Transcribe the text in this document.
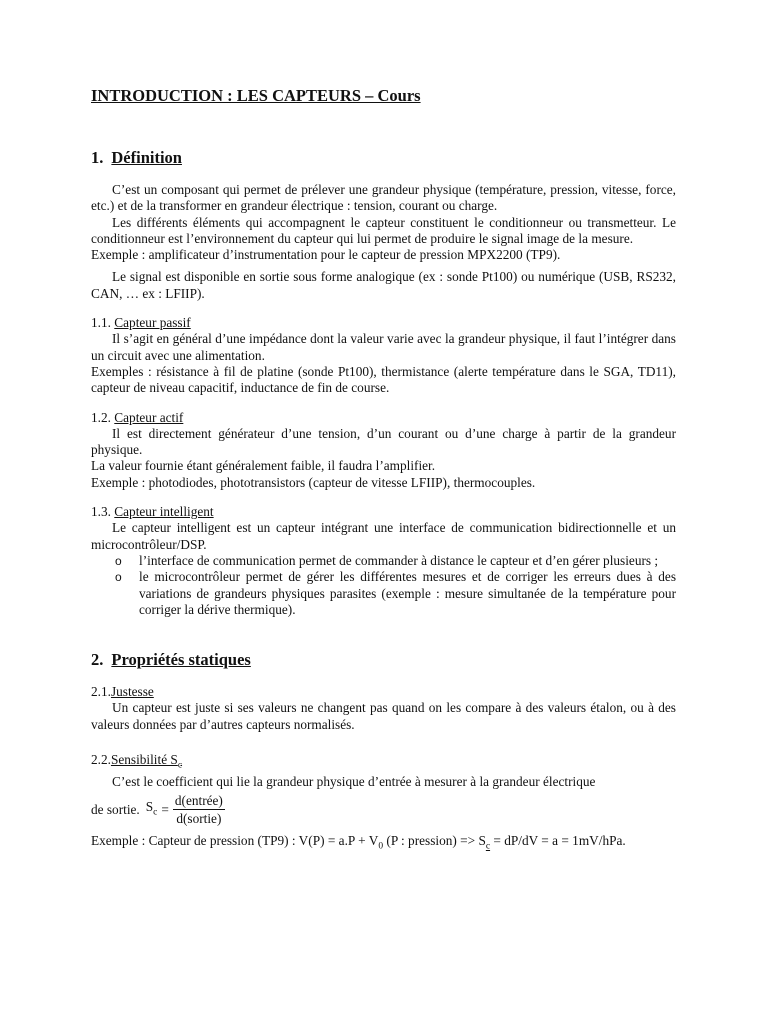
INTRODUCTION : LES CAPTEURS – Cours
1. Définition

C’est un composant qui permet de prélever une grandeur physique (température, pression, vitesse, force, etc.) et de la transformer en grandeur électrique : tension, courant ou charge.

Les différents éléments qui accompagnent le capteur constituent le conditionneur ou transmetteur. Le conditionneur est l’environnement du capteur qui lui permet de produire le signal image de la mesure.

Exemple : amplificateur d’instrumentation pour le capteur de pression MPX2200 (TP9).

Le signal est disponible en sortie sous forme analogique (ex : sonde Pt100) ou numérique (USB, RS232, CAN, … ex : LFIIP).

1.1. Capteur passif

Il s’agit en général d’une impédance dont la valeur varie avec la grandeur physique, il faut l’intégrer dans un circuit avec une alimentation.

Exemples : résistance à fil de platine (sonde Pt100), thermistance (alerte température dans le SGA, TD11), capteur de niveau capacitif, inductance de fin de course.

1.2. Capteur actif

Il est directement générateur d’une tension, d’un courant ou d’une charge à partir de la grandeur physique.

La valeur fournie étant généralement faible, il faudra l’amplifier.

Exemple : photodiodes, phototransistors (capteur de vitesse LFIIP), thermocouples.

1.3. Capteur intelligent

Le capteur intelligent est un capteur intégrant une interface de communication bidirectionnelle et un microcontrôleur/DSP.

o l’interface de communication permet de commander à distance le capteur et d’en gérer plusieurs ;
o le microcontrôleur permet de gérer les différentes mesures et de corriger les erreurs dues à des variations de grandeurs physiques parasites (exemple : mesure simultanée de la température pour corriger la dérive thermique).
2. Propriétés statiques

2.1.Justesse

Un capteur est juste si ses valeurs ne changent pas quand on les compare à des valeurs étalon, ou à des valeurs données par d’autres capteurs normalisés.

2.2.Sensibilité $S_c$

C’est le coefficient qui lie la grandeur physique d’entrée à mesurer à la grandeur électrique

de sortie. $S_c = \frac{\text{d(entrée)}}{\text{d(sortie)}}$

Exemple : Capteur de pression (TP9) : $V(P) = a.P + V_0$ (P : pression) => $S_c = dP/dV = a = 1mV/hPa$.
